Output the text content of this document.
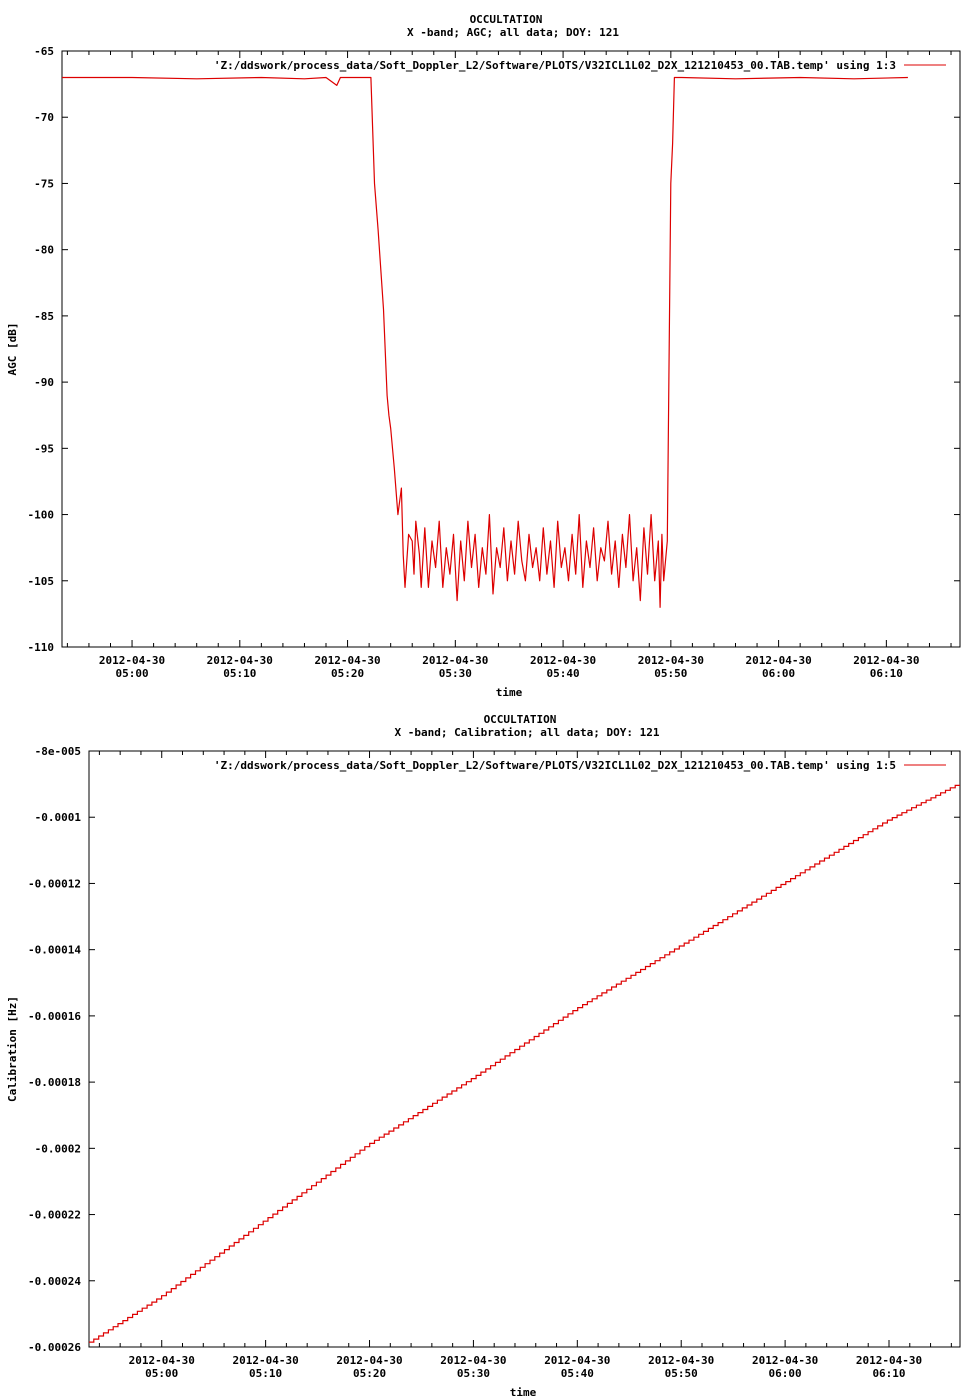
OCCULTATION
X -band; AGC; all data; DOY: 121
-65
-70
-75
-80
-85
-90
-95
-100
-105
-110
2012-04-30
05:00
2012-04-30
05:10
2012-04-30
05:20
2012-04-30
05:30
2012-04-30
05:40
2012-04-30
05:50
2012-04-30
06:00
2012-04-30
06:10
AGC [dB]
time
'Z:/ddswork/process_data/Soft_Doppler_L2/Software/PLOTS/V32ICL1L02_D2X_121210453_00.TAB.temp' using 1:3
OCCULTATION
X -band; Calibration; all data; DOY: 121
-8e-005
-0.0001
-0.00012
-0.00014
-0.00016
-0.00018
-0.0002
-0.00022
-0.00024
-0.00026
2012-04-30
05:00
2012-04-30
05:10
2012-04-30
05:20
2012-04-30
05:30
2012-04-30
05:40
2012-04-30
05:50
2012-04-30
06:00
2012-04-30
06:10
Calibration [Hz]
time
'Z:/ddswork/process_data/Soft_Doppler_L2/Software/PLOTS/V32ICL1L02_D2X_121210453_00.TAB.temp' using 1:5
